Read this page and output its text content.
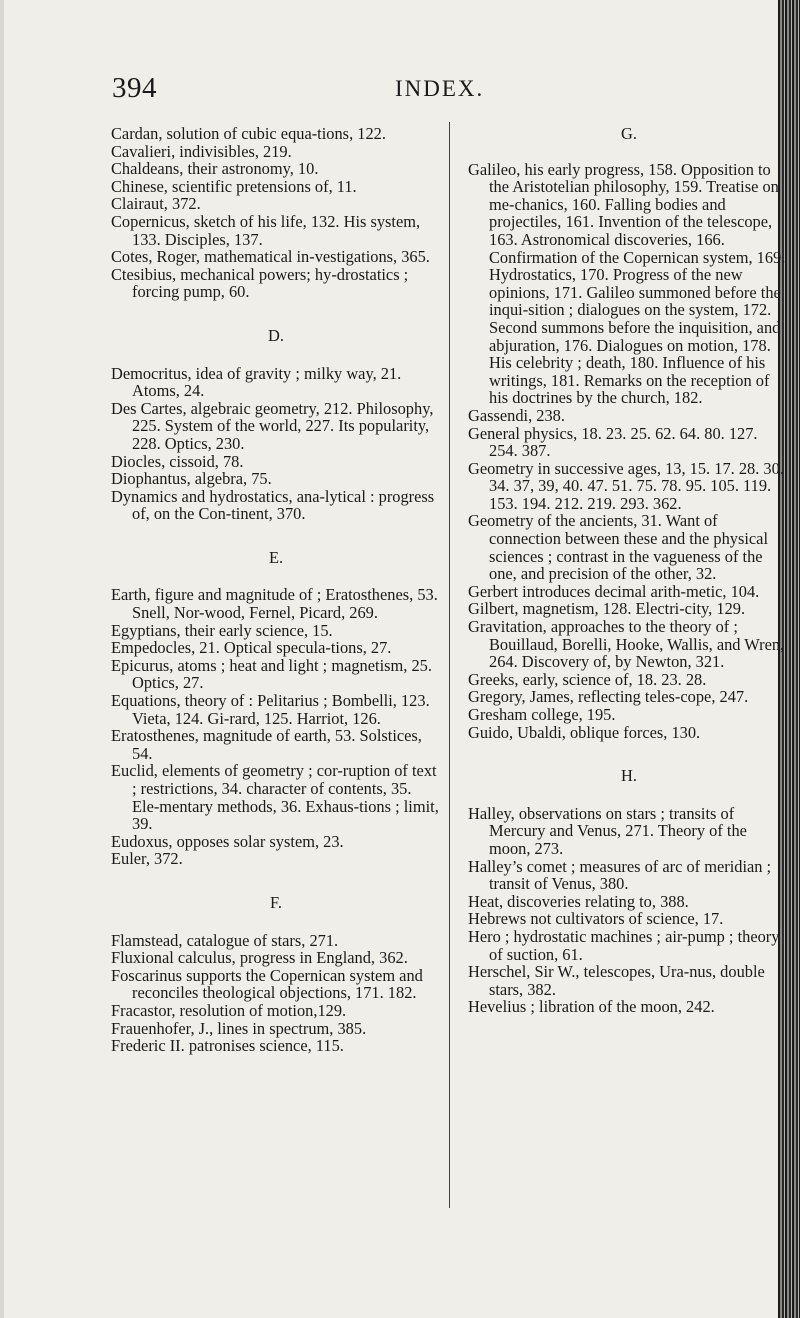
394	INDEX.

Cardan, solution of cubic equa-tions, 122.

Cavalieri, indivisibles, 219.

Chaldeans, their astronomy, 10.

Chinese, scientific pretensions of, 11.

Clairaut, 372.

Copernicus, sketch of his life, 132. His system, 133. Disciples, 137.

Cotes, Roger, mathematical in-vestigations, 365.

Ctesibius, mechanical powers; hy-drostatics ; forcing pump, 60.

D.

Democritus, idea of gravity ; milky way, 21. Atoms, 24.

Des Cartes, algebraic geometry, 212. Philosophy, 225. System of the world, 227. Its popularity, 228. Optics, 230.

Diocles, cissoid, 78.

Diophantus, algebra, 75.

Dynamics and hydrostatics, ana-lytical : progress of, on the Con-tinent, 370.

E.

Earth, figure and magnitude of ; Eratosthenes, 53. Snell, Nor-wood, Fernel, Picard, 269.

Egyptians, their early science, 15.

Empedocles, 21. Optical specula-tions, 27.

Epicurus, atoms ; heat and light ; magnetism, 25. Optics, 27.

Equations, theory of : Pelitarius ; Bombelli, 123. Vieta, 124. Gi-rard, 125. Harriot, 126.

Eratosthenes, magnitude of earth, 53. Solstices, 54.

Euclid, elements of geometry ; cor-ruption of text ; restrictions, 34. character of contents, 35. Ele-mentary methods, 36. Exhaus-tions ; limit, 39.

Eudoxus, opposes solar system, 23.

Euler, 372.

F.

Flamstead, catalogue of stars, 271.

Fluxional calculus, progress in England, 362.

Foscarinus supports the Copernican system and reconciles theological objections, 171. 182.

Fracastor, resolution of motion,129.

Frauenhofer, J., lines in spectrum, 385.

Frederic II. patronises science, 115.

G.

Galileo, his early progress, 158. Opposition to the Aristotelian philosophy, 159. Treatise on me-chanics, 160. Falling bodies and projectiles, 161. Invention of the telescope, 163. Astronomical discoveries, 166. Confirmation of the Copernican system, 169. Hydrostatics, 170. Progress of the new opinions, 171. Galileo summoned before the inqui-sition ; dialogues on the system, 172. Second summons before the inquisition, and abjuration, 176. Dialogues on motion, 178. His celebrity ; death, 180. Influence of his writings, 181. Remarks on the reception of his doctrines by the church, 182.

Gassendi, 238.

General physics, 18. 23. 25. 62. 64. 80. 127. 254. 387.

Geometry in successive ages, 13, 15. 17. 28. 30. 34. 37, 39, 40. 47. 51. 75. 78. 95. 105. 119. 153. 194. 212. 219. 293. 362.

Geometry of the ancients, 31. Want of connection between these and the physical sciences ; contrast in the vagueness of the one, and precision of the other, 32.

Gerbert introduces decimal arith-metic, 104.

Gilbert, magnetism, 128. Electri-city, 129.

Gravitation, approaches to the theory of ; Bouillaud, Borelli, Hooke, Wallis, and Wren, 264. Discovery of, by Newton, 321.

Greeks, early, science of, 18. 23. 28.

Gregory, James, reflecting teles-cope, 247.

Gresham college, 195.

Guido, Ubaldi, oblique forces, 130.

H.

Halley, observations on stars ; transits of Mercury and Venus, 271. Theory of the moon, 273.

Halley’s comet ; measures of arc of meridian ; transit of Venus, 380.

Heat, discoveries relating to, 388.

Hebrews not cultivators of science, 17.

Hero ; hydrostatic machines ; air-pump ; theory of suction, 61.

Herschel, Sir W., telescopes, Ura-nus, double stars, 382.

Hevelius ; libration of the moon, 242.
